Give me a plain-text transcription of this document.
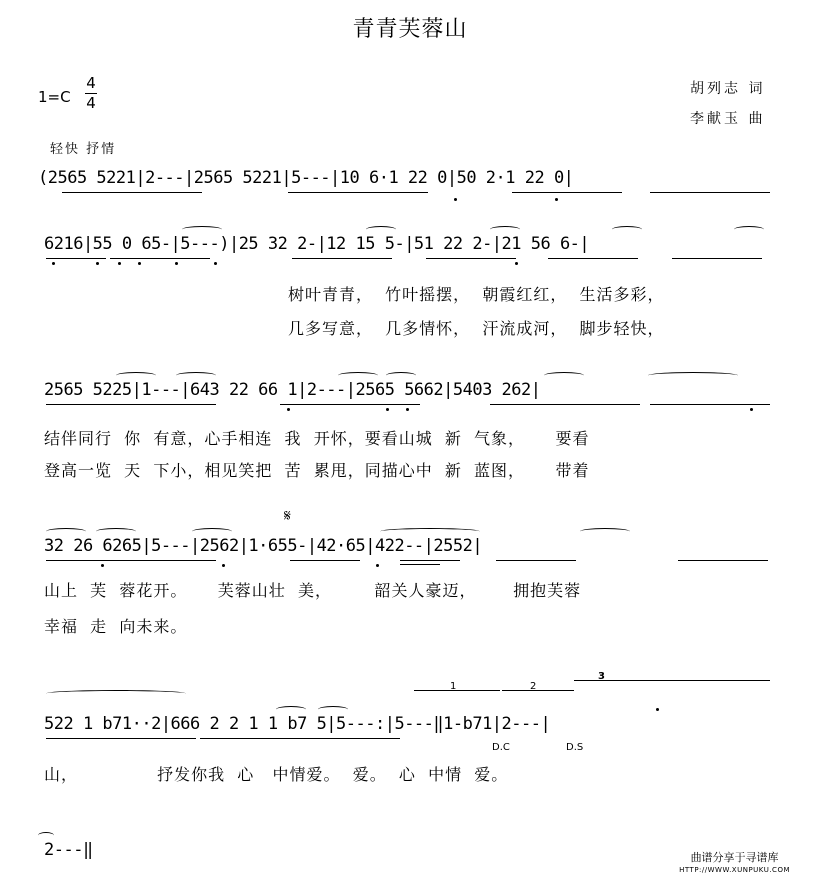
青青芙蓉山
1=C
4
4
胡列志 词
李献玉 曲
轻快 抒情
(2565 5221|2---|2565 5221|5---|10 6·1 22 0|50 2·1 22 0|
6216|55 0 65-|5---)|25 32 2-|12 15 5-|51 22 2-|21 56 6-|
树叶青青，  竹叶摇摆，  朝霞红红，  生活多彩，
几多写意，  几多情怀，  汗流成河，  脚步轻快，
2565 5225|1---|643 22 66 1|2---|2565 5662|5403 262|
结伴同行  你  有意，心手相连  我  开怀，要看山城  新  气象，     要看
登高一览  天  下小，相见笑把  苦  累甩，同描心中  新  蓝图，     带着
𝄋
32 26 6265|5---|2562|1·655-|42·65|422--|2552|
山上  芙  蓉花开。     芙蓉山壮  美，       韶关人豪迈，      拥抱芙蓉
幸福  走  向未来。
1	2
3
522 1 b71··2|666 2 2 1 1 b7 5|5---:|5---‖1-b71|2---|
D.C	D.S
山，             抒发你我  心   中情爱。  爱。  心  中情  爱。
2---‖	曲谱分享于寻谱库
HTTP://WWW.XUNPUKU.COM
